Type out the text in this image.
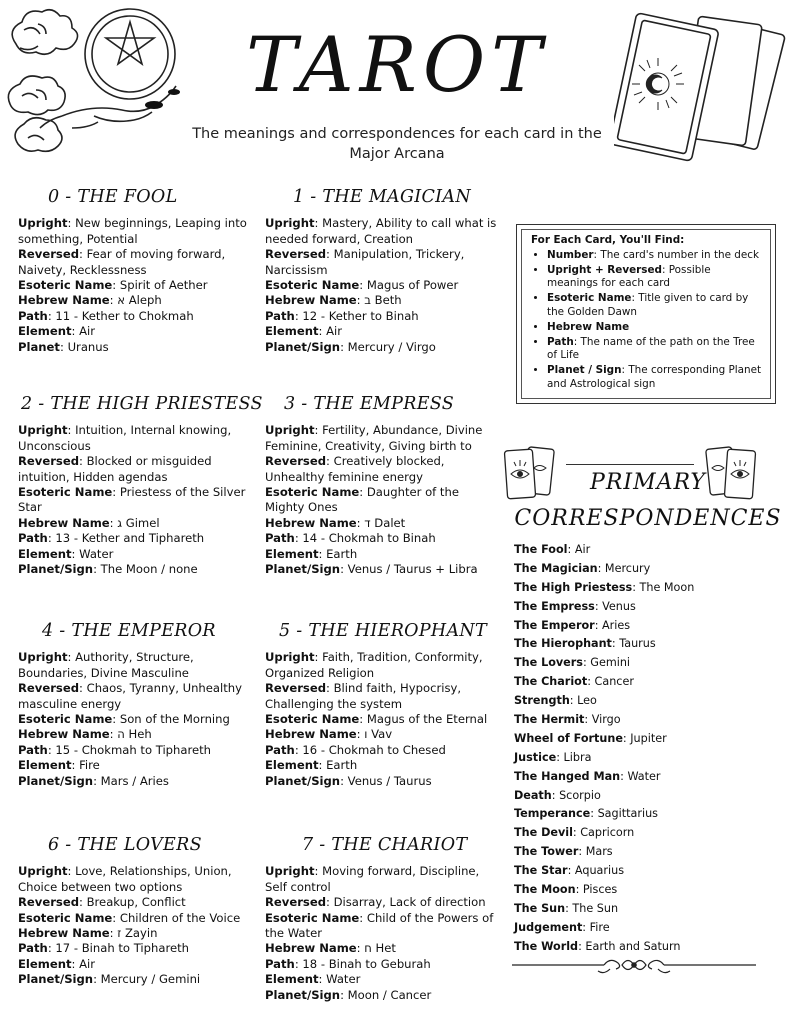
TAROT
The meanings and correspondences for each card in the Major Arcana
0 - THE FOOL

Upright: New beginnings, Leaping into something, Potential

Reversed: Fear of moving forward, Naivety, Recklessness

Esoteric Name: Spirit of Aether

Hebrew Name: א Aleph

Path: 11 - Kether to Chokmah

Element: Air

Planet: Uranus

1 - THE MAGICIAN

Upright: Mastery, Ability to call what is needed forward, Creation

Reversed: Manipulation, Trickery, Narcissism

Esoteric Name: Magus of Power

Hebrew Name: ב Beth

Path: 12 - Kether to Binah

Element: Air

Planet/Sign: Mercury / Virgo

2 - THE HIGH PRIESTESS

Upright: Intuition, Internal knowing, Unconscious

Reversed: Blocked or misguided intuition, Hidden agendas

Esoteric Name: Priestess of the Silver Star

Hebrew Name: ג Gimel

Path: 13 - Kether and Tiphareth

Element: Water

Planet/Sign: The Moon / none

3 - THE EMPRESS

Upright: Fertility, Abundance, Divine Feminine, Creativity, Giving birth to

Reversed: Creatively blocked, Unhealthy feminine energy

Esoteric Name: Daughter of the Mighty Ones

Hebrew Name: ד Dalet

Path: 14 - Chokmah to Binah

Element: Earth

Planet/Sign: Venus / Taurus + Libra

4 - THE EMPEROR

Upright: Authority, Structure, Boundaries, Divine Masculine

Reversed: Chaos, Tyranny, Unhealthy masculine energy

Esoteric Name: Son of the Morning

Hebrew Name: ה Heh

Path: 15 - Chokmah to Tiphareth

Element: Fire

Planet/Sign: Mars / Aries

5 - THE HIEROPHANT

Upright: Faith, Tradition, Conformity, Organized Religion

Reversed: Blind faith, Hypocrisy, Challenging the system

Esoteric Name: Magus of the Eternal

Hebrew Name: ו Vav

Path: 16 - Chokmah to Chesed

Element: Earth

Planet/Sign: Venus / Taurus

6 - THE LOVERS

Upright: Love, Relationships, Union, Choice between two options

Reversed: Breakup, Conflict

Esoteric Name: Children of the Voice

Hebrew Name: ז Zayin

Path: 17 - Binah to Tiphareth

Element: Air

Planet/Sign: Mercury / Gemini

7 - THE CHARIOT

Upright: Moving forward, Discipline, Self control

Reversed: Disarray, Lack of direction

Esoteric Name: Child of the Powers of the Water

Hebrew Name: ח Het

Path: 18 - Binah to Geburah

Element: Water

Planet/Sign: Moon / Cancer

For Each Card, You'll Find:
• Number: The card's number in the deck
• Upright + Reversed: Possible meanings for each card
• Esoteric Name: Title given to card by the Golden Dawn
• Hebrew Name
• Path: The name of the path on the Tree of Life
• Planet / Sign: The corresponding Planet and Astrological sign
PRIMARY
CORRESPONDENCES
The Fool: Air
The Magician: Mercury
The High Priestess: The Moon
The Empress: Venus
The Emperor: Aries
The Hierophant: Taurus
The Lovers: Gemini
The Chariot: Cancer
Strength: Leo
The Hermit: Virgo
Wheel of Fortune: Jupiter
Justice: Libra
The Hanged Man: Water
Death: Scorpio
Temperance: Sagittarius
The Devil: Capricorn
The Tower: Mars
The Star: Aquarius
The Moon: Pisces
The Sun: The Sun
Judgement: Fire
The World: Earth and Saturn
